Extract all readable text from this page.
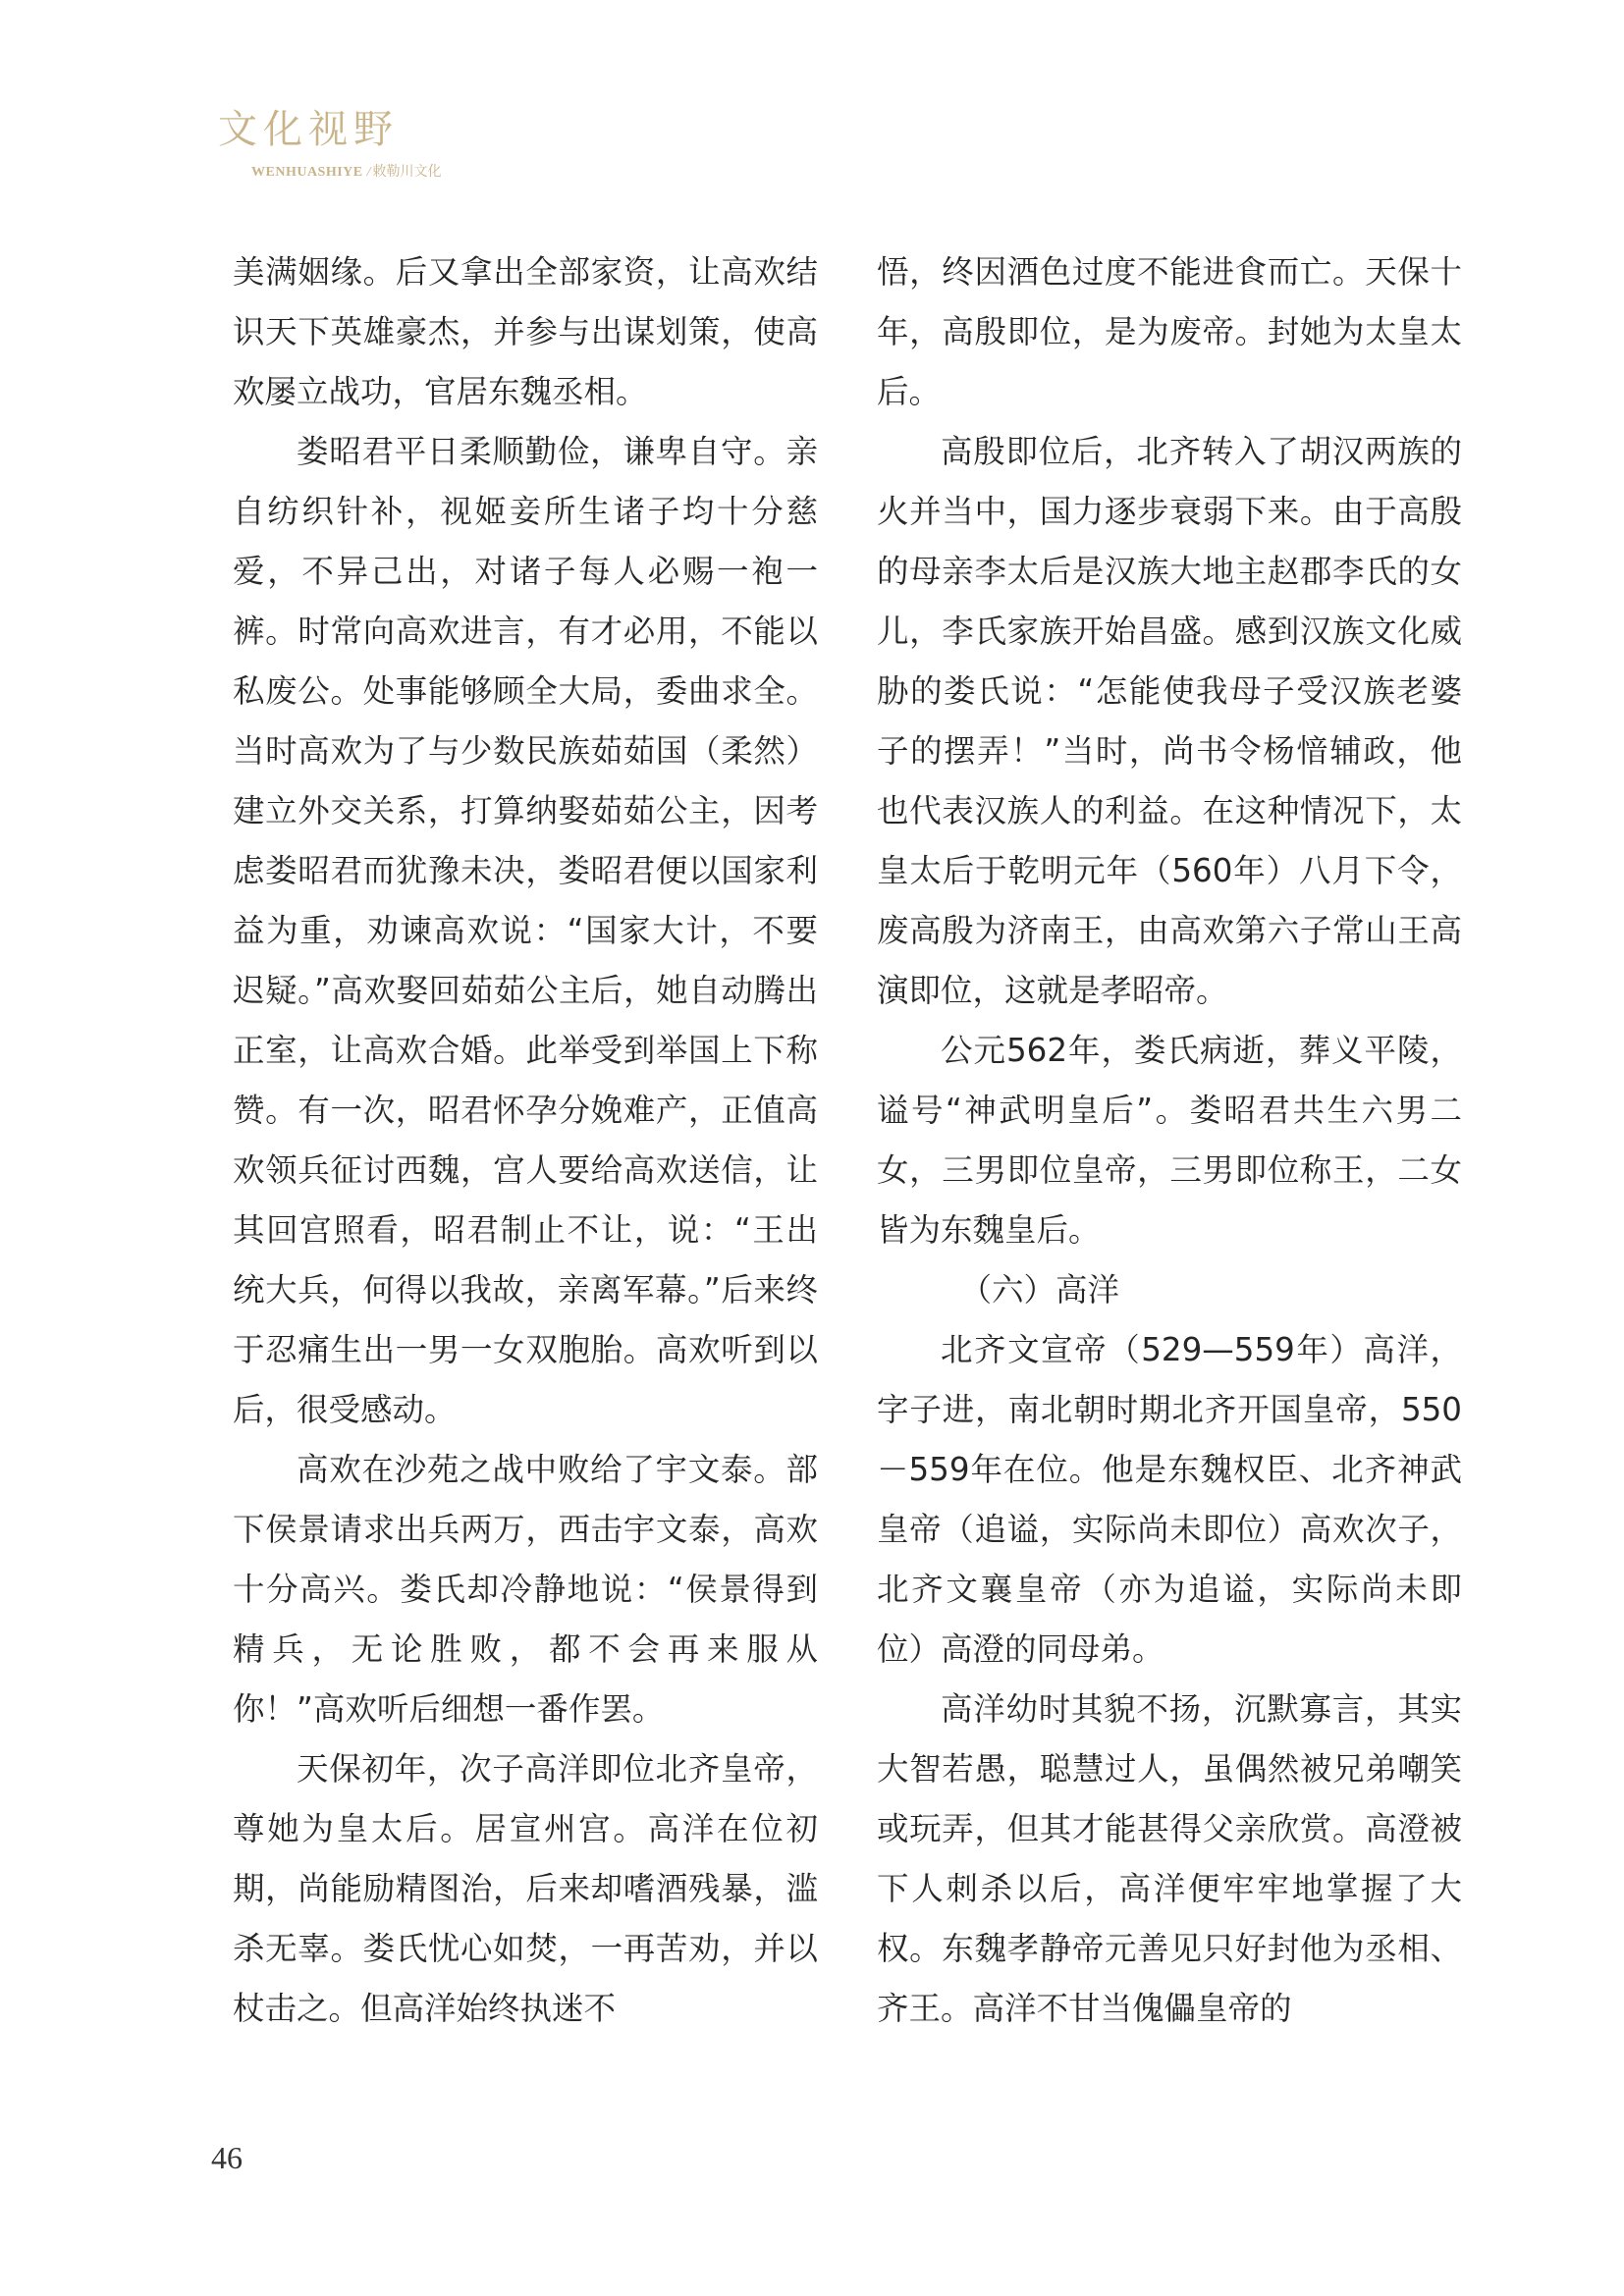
文化视野
WENHUASHIYE / 敕勒川文化

美满姻缘。后又拿出全部家资，让高欢结识天下英雄豪杰，并参与出谋划策，使高欢屡立战功，官居东魏丞相。

娄昭君平日柔顺勤俭，谦卑自守。亲自纺织针补，视姬妾所生诸子均十分慈爱，不异己出，对诸子每人必赐一袍一裤。时常向高欢进言，有才必用，不能以私废公。处事能够顾全大局，委曲求全。当时高欢为了与少数民族茹茹国（柔然）建立外交关系，打算纳娶茹茹公主，因考虑娄昭君而犹豫未决，娄昭君便以国家利益为重，劝谏高欢说：“国家大计，不要迟疑。”高欢娶回茹茹公主后，她自动腾出正室，让高欢合婚。此举受到举国上下称赞。有一次，昭君怀孕分娩难产，正值高欢领兵征讨西魏，宫人要给高欢送信，让其回宫照看，昭君制止不让，说：“王出统大兵，何得以我故，亲离军幕。”后来终于忍痛生出一男一女双胞胎。高欢听到以后，很受感动。

高欢在沙苑之战中败给了宇文泰。部下侯景请求出兵两万，西击宇文泰，高欢十分高兴。娄氏却冷静地说：“侯景得到精兵，无论胜败，都不会再来服从你！”高欢听后细想一番作罢。

天保初年，次子高洋即位北齐皇帝，尊她为皇太后。居宣州宫。高洋在位初期，尚能励精图治，后来却嗜酒残暴，滥杀无辜。娄氏忧心如焚，一再苦劝，并以杖击之。但高洋始终执迷不

悟，终因酒色过度不能进食而亡。天保十年，高殷即位，是为废帝。封她为太皇太后。

高殷即位后，北齐转入了胡汉两族的火并当中，国力逐步衰弱下来。由于高殷的母亲李太后是汉族大地主赵郡李氏的女儿，李氏家族开始昌盛。感到汉族文化威胁的娄氏说：“怎能使我母子受汉族老婆子的摆弄！”当时，尚书令杨愔辅政，他也代表汉族人的利益。在这种情况下，太皇太后于乾明元年（560年）八月下令，废高殷为济南王，由高欢第六子常山王高演即位，这就是孝昭帝。

公元562年，娄氏病逝，葬义平陵，谥号“神武明皇后”。娄昭君共生六男二女，三男即位皇帝，三男即位称王，二女皆为东魏皇后。

（六）高洋

北齐文宣帝（529—559年）高洋，字子进，南北朝时期北齐开国皇帝，550－559年在位。他是东魏权臣、北齐神武皇帝（追谥，实际尚未即位）高欢次子，北齐文襄皇帝（亦为追谥，实际尚未即位）高澄的同母弟。

高洋幼时其貌不扬，沉默寡言，其实大智若愚，聪慧过人，虽偶然被兄弟嘲笑或玩弄，但其才能甚得父亲欣赏。高澄被下人刺杀以后，高洋便牢牢地掌握了大权。东魏孝静帝元善见只好封他为丞相、齐王。高洋不甘当傀儡皇帝的

46
